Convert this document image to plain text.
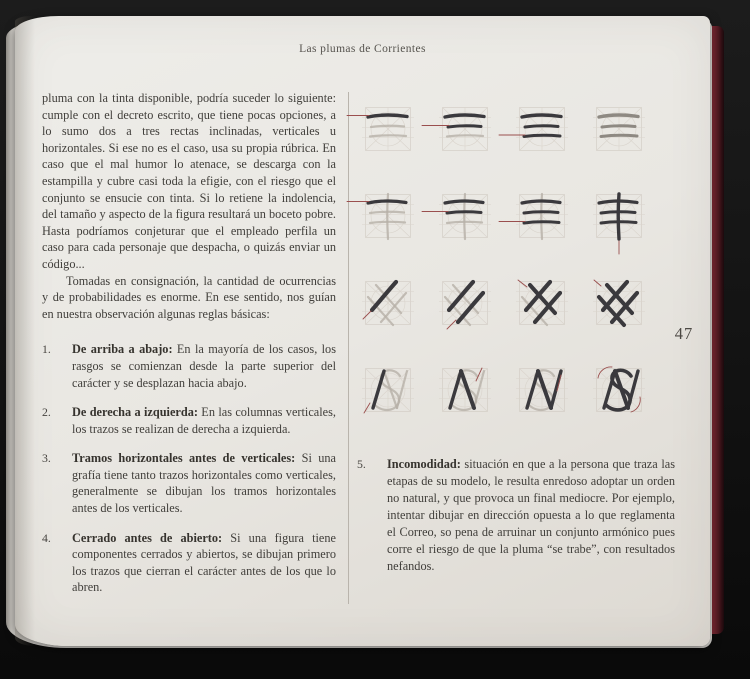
Las plumas de Corrientes

pluma con la tinta disponible, podría suceder lo siguiente: cumple con el decreto escrito, que tiene pocas opciones, a lo sumo dos a tres rectas inclinadas, verticales u horizontales. Si ese no es el caso, usa su propia rúbrica. En caso que el mal humor lo atenace, se descarga con la estampilla y cubre casi toda la efigie, con el riesgo que el conjunto se ensucie con tinta. Si lo retiene la indolencia, del tamaño y aspecto de la figura resultará un boceto pobre. Hasta podríamos conjeturar que el empleado perfila un caso para cada personaje que despacha, o quizás enviar un código...

Tomadas en consignación, la cantidad de ocurrencias y de probabilidades es enorme. En ese sentido, nos guían en nuestra observación algunas reglas básicas:

1.	De arriba a abajo: En la mayoría de los casos, los rasgos se comienzan desde la parte superior del carácter y se desplazan hacia abajo.
2.	De derecha a izquierda: En las columnas verticales, los trazos se realizan de derecha a izquierda.
3.	Tramos horizontales antes de verticales: Si una grafía tiene tanto trazos horizontales como verticales, generalmente se dibujan los tramos horizontales antes de los verticales.
4.	Cerrado antes de abierto: Si una figura tiene componentes cerrados y abiertos, se dibujan primero los trazos que cierran el carácter antes de los que lo abren.
5.	Incomodidad: situación en que a la persona que traza las etapas de su modelo, le resulta enredoso adoptar un orden no natural, y que provoca un final mediocre. Por ejemplo, intentar dibujar en dirección opuesta a lo que reglamenta el Correo, so pena de arruinar un conjunto armónico pues corre el riesgo de que la pluma “se trabe”, con resultados nefandos.
47
